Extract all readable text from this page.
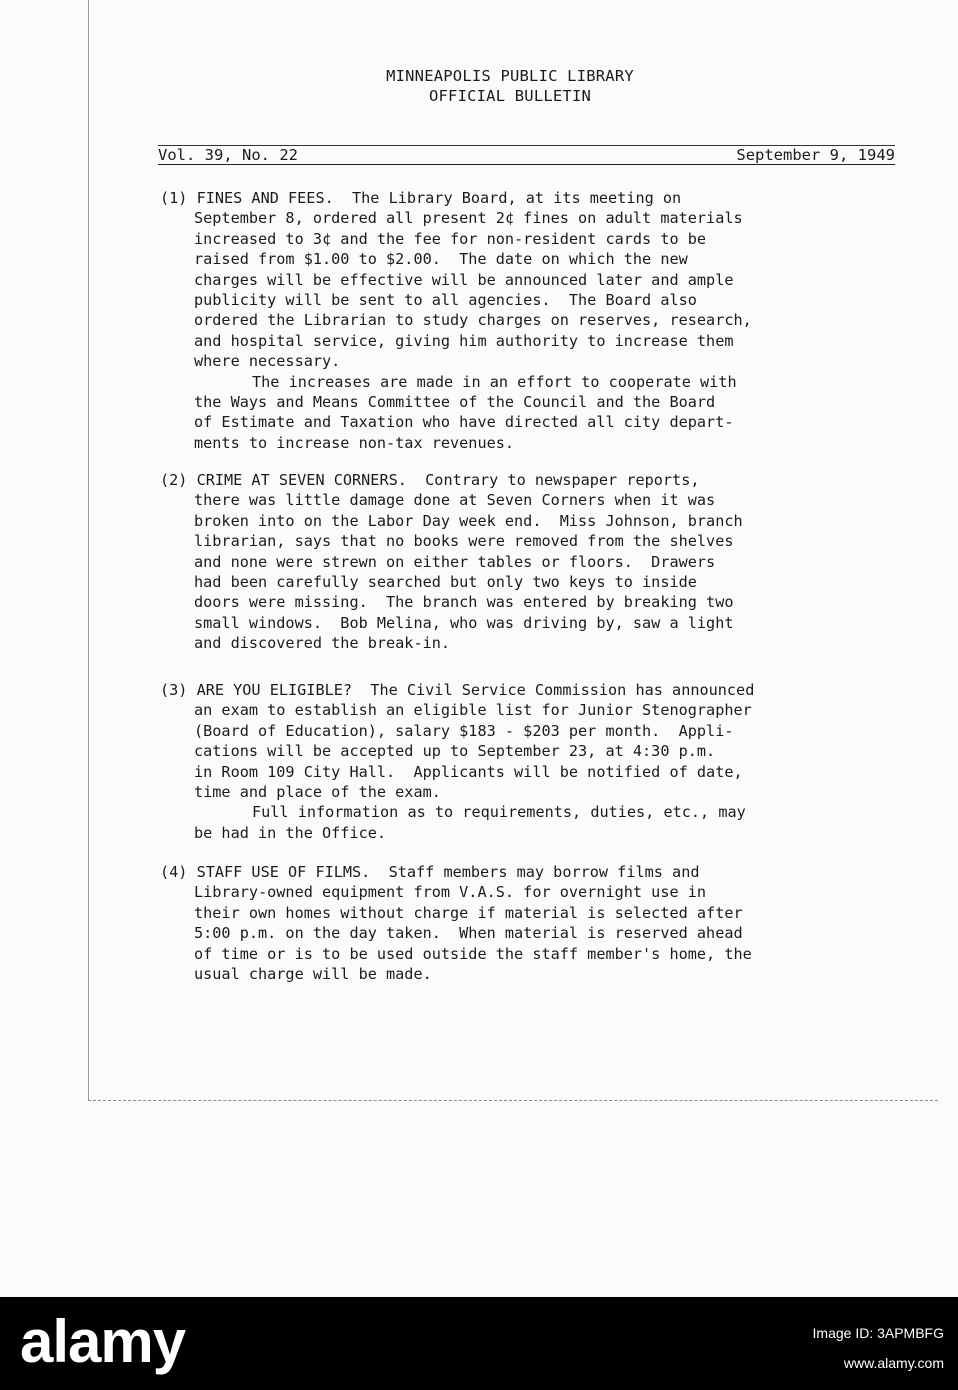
MINNEAPOLIS PUBLIC LIBRARY
OFFICIAL BULLETIN
Vol. 39, No. 22	September 9, 1949
(1) FINES AND FEES.  The Library Board, at its meeting on
September 8, ordered all present 2¢ fines on adult materials
increased to 3¢ and the fee for non-resident cards to be
raised from $1.00 to $2.00.  The date on which the new
charges will be effective will be announced later and ample
publicity will be sent to all agencies.  The Board also
ordered the Librarian to study charges on reserves, research,
and hospital service, giving him authority to increase them
where necessary.
The increases are made in an effort to cooperate with
the Ways and Means Committee of the Council and the Board
of Estimate and Taxation who have directed all city depart-
ments to increase non-tax revenues.
(2) CRIME AT SEVEN CORNERS.  Contrary to newspaper reports,
there was little damage done at Seven Corners when it was
broken into on the Labor Day week end.  Miss Johnson, branch
librarian, says that no books were removed from the shelves
and none were strewn on either tables or floors.  Drawers
had been carefully searched but only two keys to inside
doors were missing.  The branch was entered by breaking two
small windows.  Bob Melina, who was driving by, saw a light
and discovered the break-in.
(3) ARE YOU ELIGIBLE?  The Civil Service Commission has announced
an exam to establish an eligible list for Junior Stenographer
(Board of Education), salary $183 - $203 per month.  Appli-
cations will be accepted up to September 23, at 4:30 p.m.
in Room 109 City Hall.  Applicants will be notified of date,
time and place of the exam.
Full information as to requirements, duties, etc., may
be had in the Office.
(4) STAFF USE OF FILMS.  Staff members may borrow films and
Library-owned equipment from V.A.S. for overnight use in
their own homes without charge if material is selected after
5:00 p.m. on the day taken.  When material is reserved ahead
of time or is to be used outside the staff member's home, the
usual charge will be made.
alamy	Image ID: 3APMBFG
www.alamy.com
